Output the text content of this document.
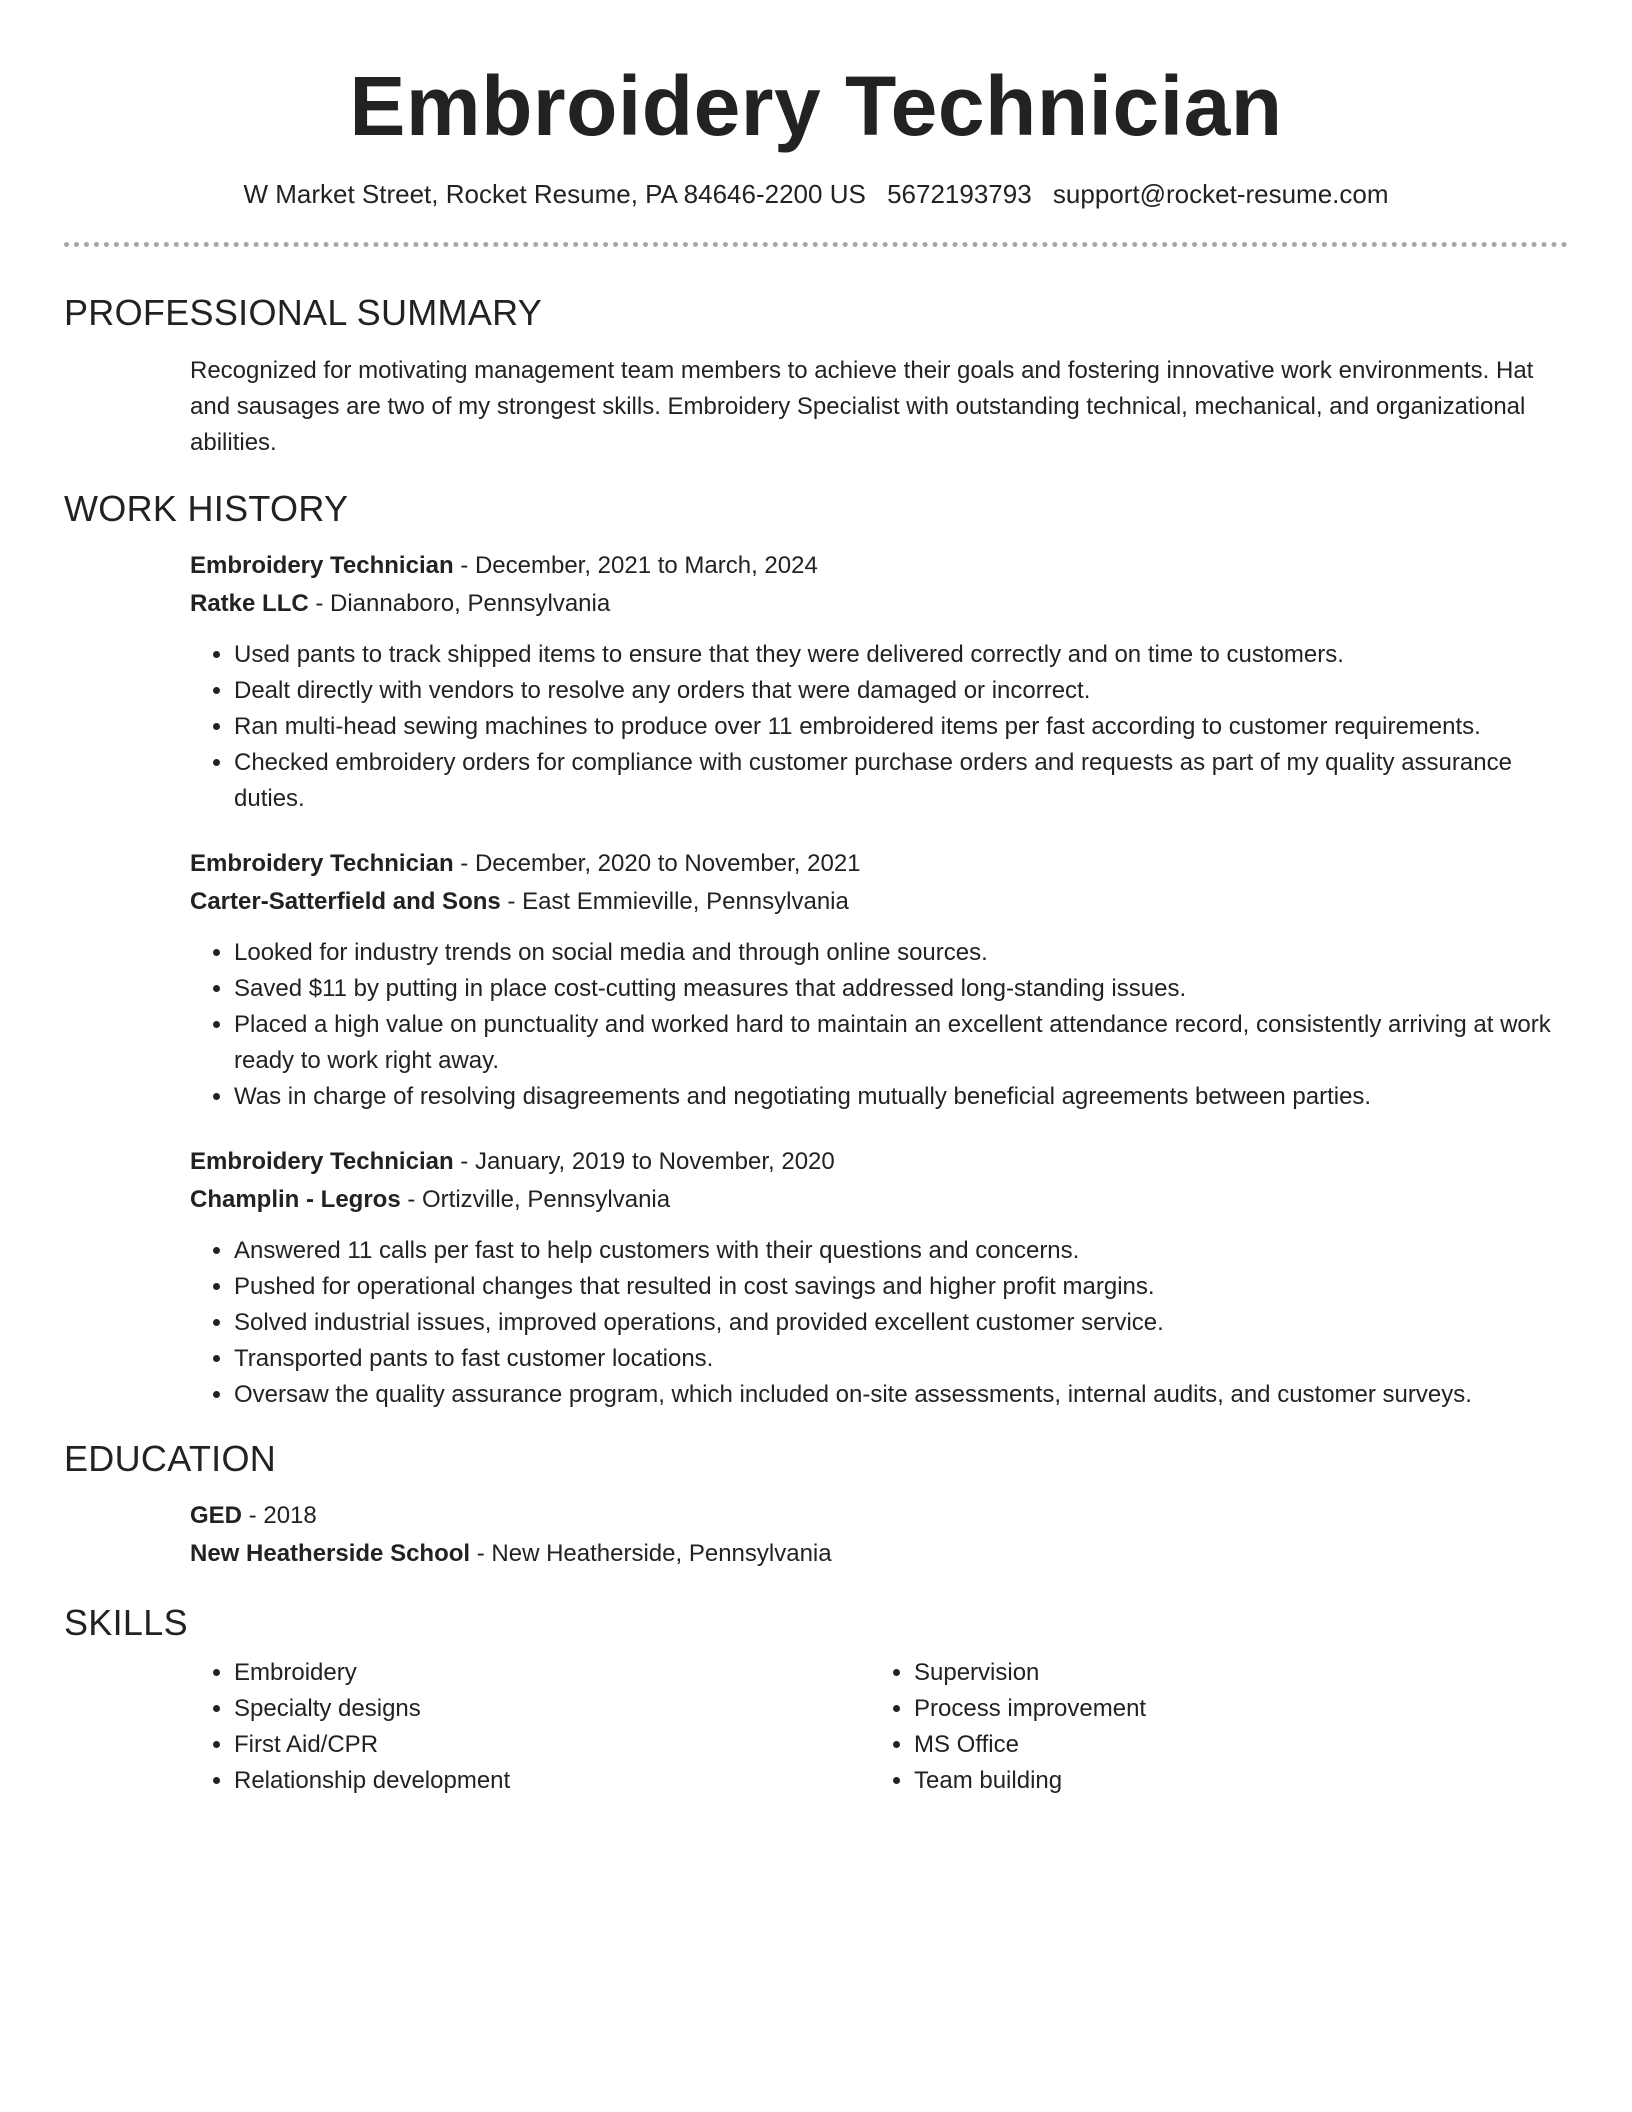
Embroidery Technician
W Market Street, Rocket Resume, PA 84646-2200 US 5672193793 support@rocket-resume.com
PROFESSIONAL SUMMARY
Recognized for motivating management team members to achieve their goals and fostering innovative work environments. Hat and sausages are two of my strongest skills. Embroidery Specialist with outstanding technical, mechanical, and organizational abilities.
WORK HISTORY
Embroidery Technician - December, 2021 to March, 2024
Ratke LLC - Diannaboro, Pennsylvania
• Used pants to track shipped items to ensure that they were delivered correctly and on time to customers.
• Dealt directly with vendors to resolve any orders that were damaged or incorrect.
• Ran multi-head sewing machines to produce over 11 embroidered items per fast according to customer requirements.
• Checked embroidery orders for compliance with customer purchase orders and requests as part of my quality assurance duties.
Embroidery Technician - December, 2020 to November, 2021
Carter-Satterfield and Sons - East Emmieville, Pennsylvania
• Looked for industry trends on social media and through online sources.
• Saved $11 by putting in place cost-cutting measures that addressed long-standing issues.
• Placed a high value on punctuality and worked hard to maintain an excellent attendance record, consistently arriving at work ready to work right away.
• Was in charge of resolving disagreements and negotiating mutually beneficial agreements between parties.
Embroidery Technician - January, 2019 to November, 2020
Champlin - Legros - Ortizville, Pennsylvania
• Answered 11 calls per fast to help customers with their questions and concerns.
• Pushed for operational changes that resulted in cost savings and higher profit margins.
• Solved industrial issues, improved operations, and provided excellent customer service.
• Transported pants to fast customer locations.
• Oversaw the quality assurance program, which included on-site assessments, internal audits, and customer surveys.
EDUCATION
GED - 2018
New Heatherside School - New Heatherside, Pennsylvania
SKILLS
• Embroidery
• Specialty designs
• First Aid/CPR
• Relationship development
• Supervision
• Process improvement
• MS Office
• Team building
